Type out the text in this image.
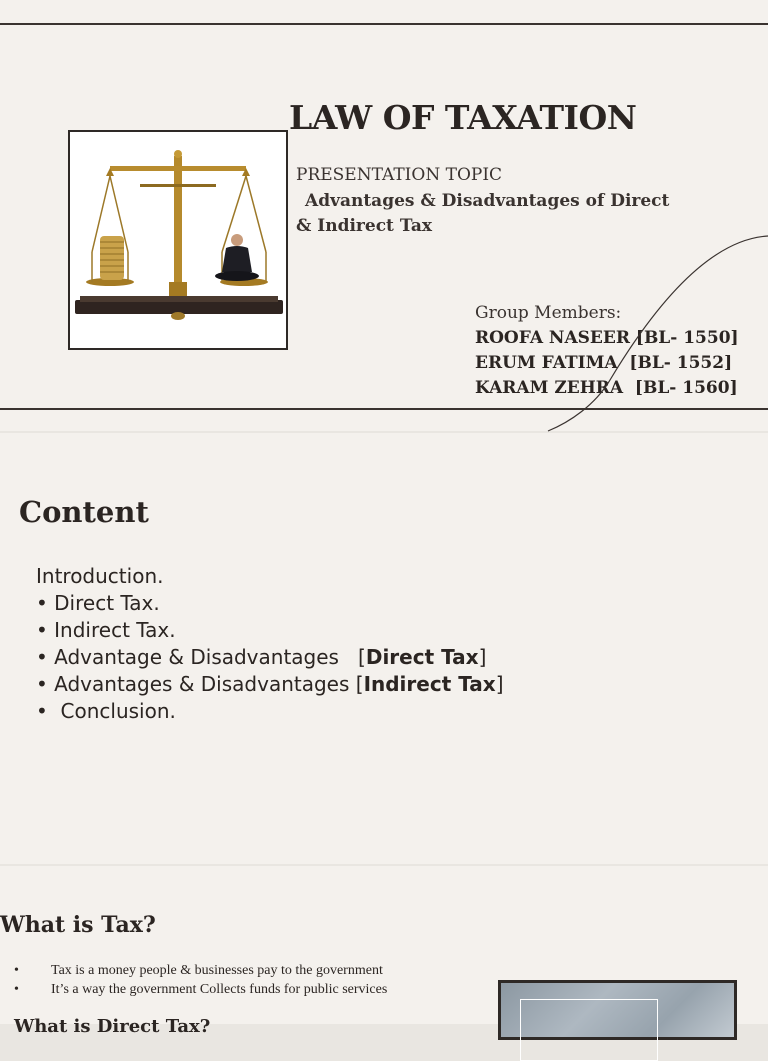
LAW OF TAXATION
PRESENTATION TOPIC
Advantages & Disadvantages of Direct
& Indirect Tax
Group Members:
ROOFA NASEER [BL- 1550]
ERUM FATIMA  [BL- 1552]
KARAM ZEHRA  [BL- 1560]
Content
Introduction.
• Direct Tax.
• Indirect Tax.
• Advantage & Disadvantages   [Direct Tax]
• Advantages & Disadvantages [Indirect Tax]
•  Conclusion.
What is Tax?
• Tax is a money people & businesses pay to the government
• It’s a way the government Collects funds for public services
What is Direct Tax?
